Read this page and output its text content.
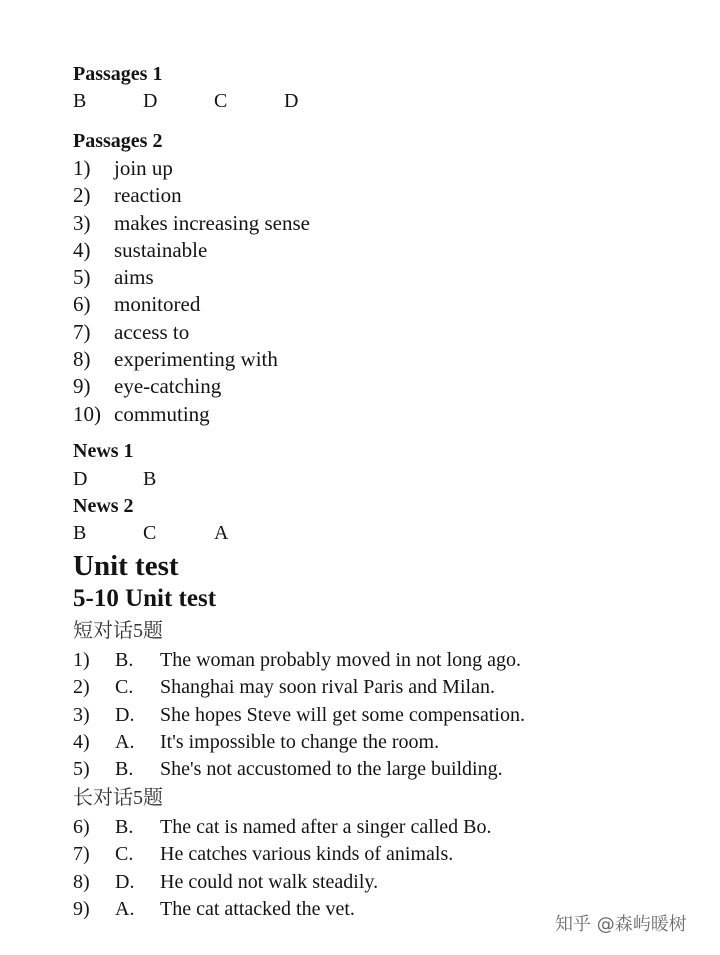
Passages 1
B	D	C	D
Passages 2
1) join up
2) reaction
3) makes increasing sense
4) sustainable
5) aims
6) monitored
7) access to
8) experimenting with
9) eye-catching
10) commuting
News 1
D	B
News 2
B	C	A
Unit test
5-10 Unit test
短对话5题
1) B. The woman probably moved in not long ago.
2) C. Shanghai may soon rival Paris and Milan.
3) D. She hopes Steve will get some compensation.
4) A. It's impossible to change the room.
5) B. She's not accustomed to the large building.
长对话5题
6) B. The cat is named after a singer called Bo.
7) C. He catches various kinds of animals.
8) D. He could not walk steadily.
9) A. The cat attacked the vet.
知乎 @森屿暖树
